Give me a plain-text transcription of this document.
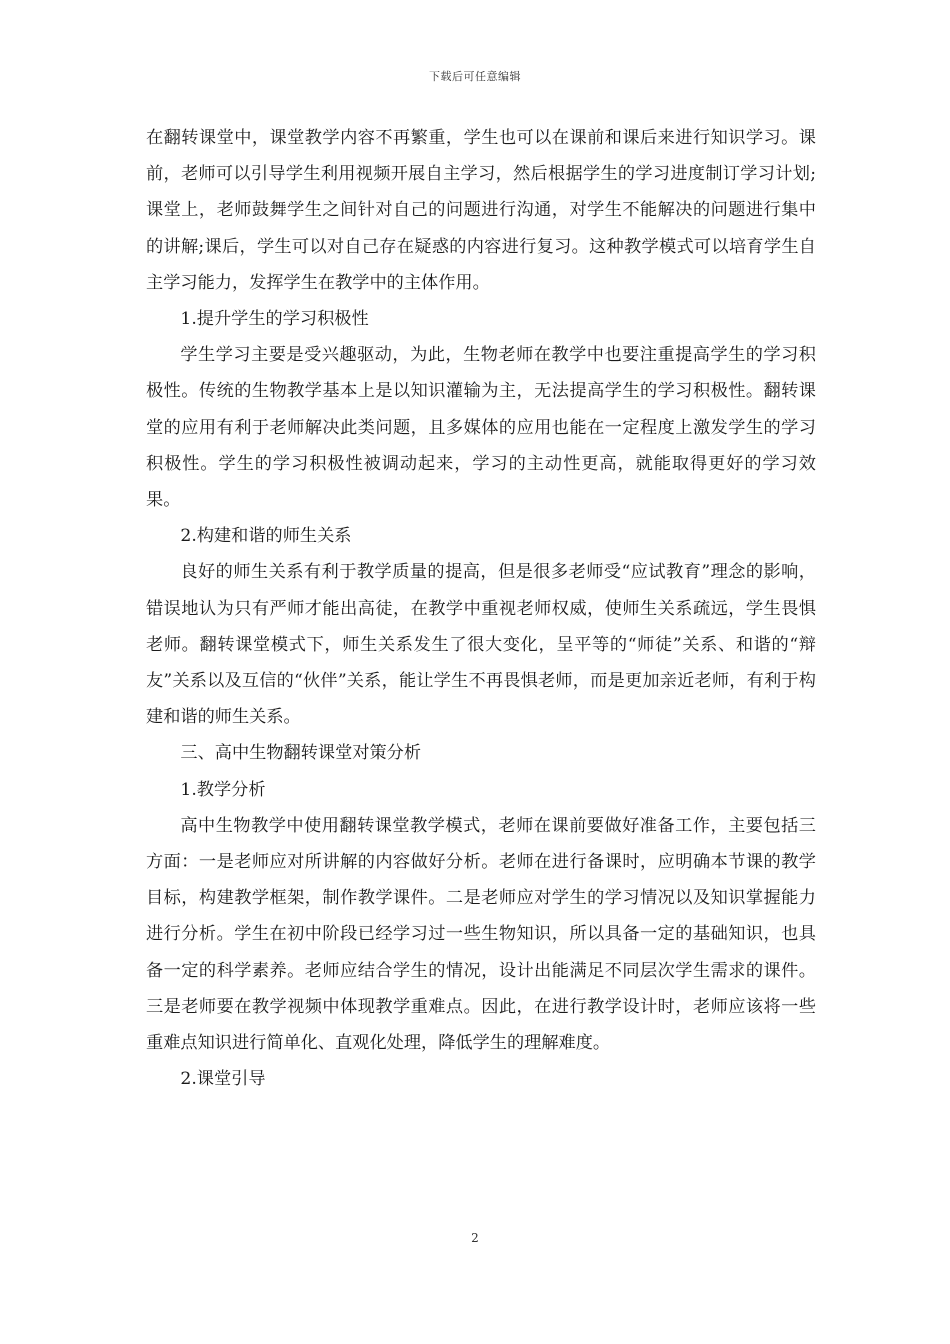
下载后可任意编辑

在翻转课堂中，课堂教学内容不再繁重，学生也可以在课前和课后来进行知识学习。课前，老师可以引导学生利用视频开展自主学习，然后根据学生的学习进度制订学习计划;课堂上，老师鼓舞学生之间针对自己的问题进行沟通，对学生不能解决的问题进行集中的讲解;课后，学生可以对自己存在疑惑的内容进行复习。这种教学模式可以培育学生自主学习能力，发挥学生在教学中的主体作用。

1.提升学生的学习积极性

学生学习主要是受兴趣驱动，为此，生物老师在教学中也要注重提高学生的学习积极性。传统的生物教学基本上是以知识灌输为主，无法提高学生的学习积极性。翻转课堂的应用有利于老师解决此类问题，且多媒体的应用也能在一定程度上激发学生的学习积极性。学生的学习积极性被调动起来，学习的主动性更高，就能取得更好的学习效果。

2.构建和谐的师生关系

良好的师生关系有利于教学质量的提高，但是很多老师受“应试教育”理念的影响，错误地认为只有严师才能出高徒，在教学中重视老师权威，使师生关系疏远，学生畏惧老师。翻转课堂模式下，师生关系发生了很大变化，呈平等的“师徒”关系、和谐的“辩友”关系以及互信的“伙伴”关系，能让学生不再畏惧老师，而是更加亲近老师，有利于构建和谐的师生关系。

三、高中生物翻转课堂对策分析

1.教学分析

高中生物教学中使用翻转课堂教学模式，老师在课前要做好准备工作，主要包括三方面：一是老师应对所讲解的内容做好分析。老师在进行备课时，应明确本节课的教学目标，构建教学框架，制作教学课件。二是老师应对学生的学习情况以及知识掌握能力进行分析。学生在初中阶段已经学习过一些生物知识，所以具备一定的基础知识，也具备一定的科学素养。老师应结合学生的情况，设计出能满足不同层次学生需求的课件。三是老师要在教学视频中体现教学重难点。因此，在进行教学设计时，老师应该将一些重难点知识进行简单化、直观化处理，降低学生的理解难度。

2.课堂引导

2
